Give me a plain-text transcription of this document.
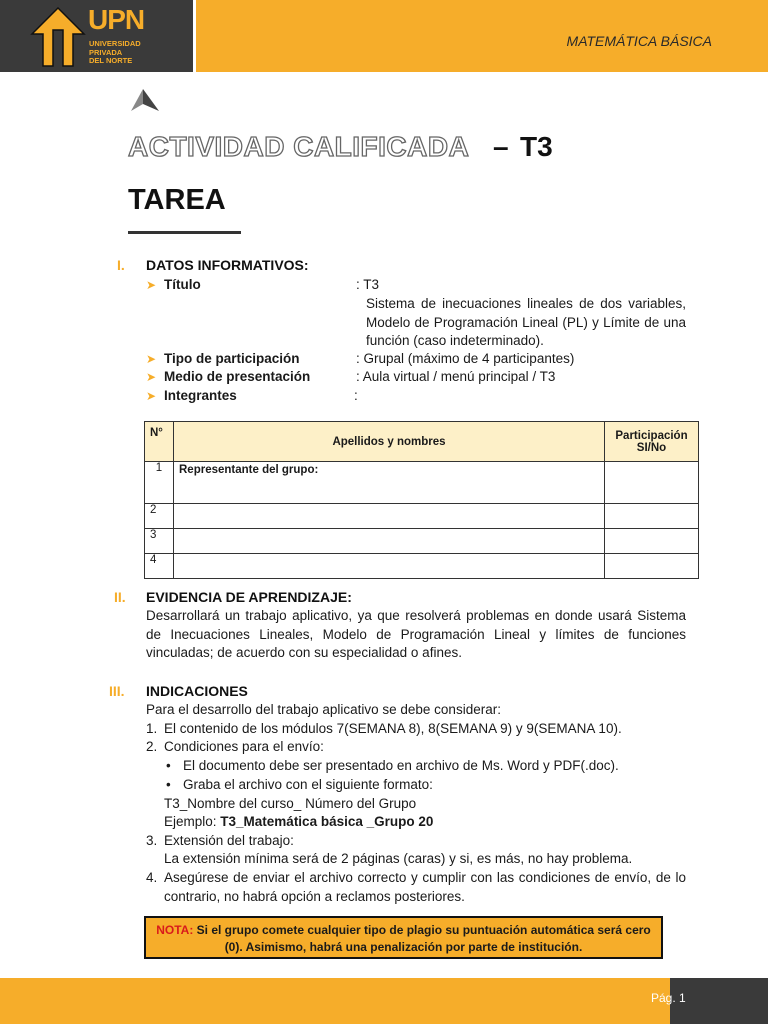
UPN
UNIVERSIDAD
PRIVADA
DEL NORTE
MATEMÁTICA BÁSICA
ACTIVIDAD CALIFICADA – T3
TAREA
I. DATOS INFORMATIVOS:
➤ Título	: T3
Sistema de inecuaciones lineales de dos variables, Modelo de Programación Lineal (PL) y Límite de una función (caso indeterminado).
➤ Tipo de participación	: Grupal (máximo de 4 participantes)
➤ Medio de presentación	: Aula virtual / menú principal / T3
➤ Integrantes	:
N°	Apellidos y nombres	Participación SI/No
1	Representante del grupo:	
2		
3		
4		
II. EVIDENCIA DE APRENDIZAJE:
Desarrollará un trabajo aplicativo, ya que resolverá problemas en donde usará Sistema de Inecuaciones Lineales, Modelo de Programación Lineal y límites de funciones vinculadas; de acuerdo con su especialidad o afines.
III. INDICACIONES
Para el desarrollo del trabajo aplicativo se debe considerar:
1. El contenido de los módulos 7(SEMANA 8), 8(SEMANA 9) y 9(SEMANA 10).
2. Condiciones para el envío:
• El documento debe ser presentado en archivo de Ms. Word y PDF(.doc).
• Graba el archivo con el siguiente formato:
T3_Nombre del curso_ Número del Grupo
Ejemplo: T3_Matemática básica _Grupo 20
3. Extensión del trabajo:
La extensión mínima será de 2 páginas (caras) y si, es más, no hay problema.
4. Asegúrese de enviar el archivo correcto y cumplir con las condiciones de envío, de lo contrario, no habrá opción a reclamos posteriores.
NOTA: Si el grupo comete cualquier tipo de plagio su puntuación automática será cero (0). Asimismo, habrá una penalización por parte de institución.
Pág. 1
